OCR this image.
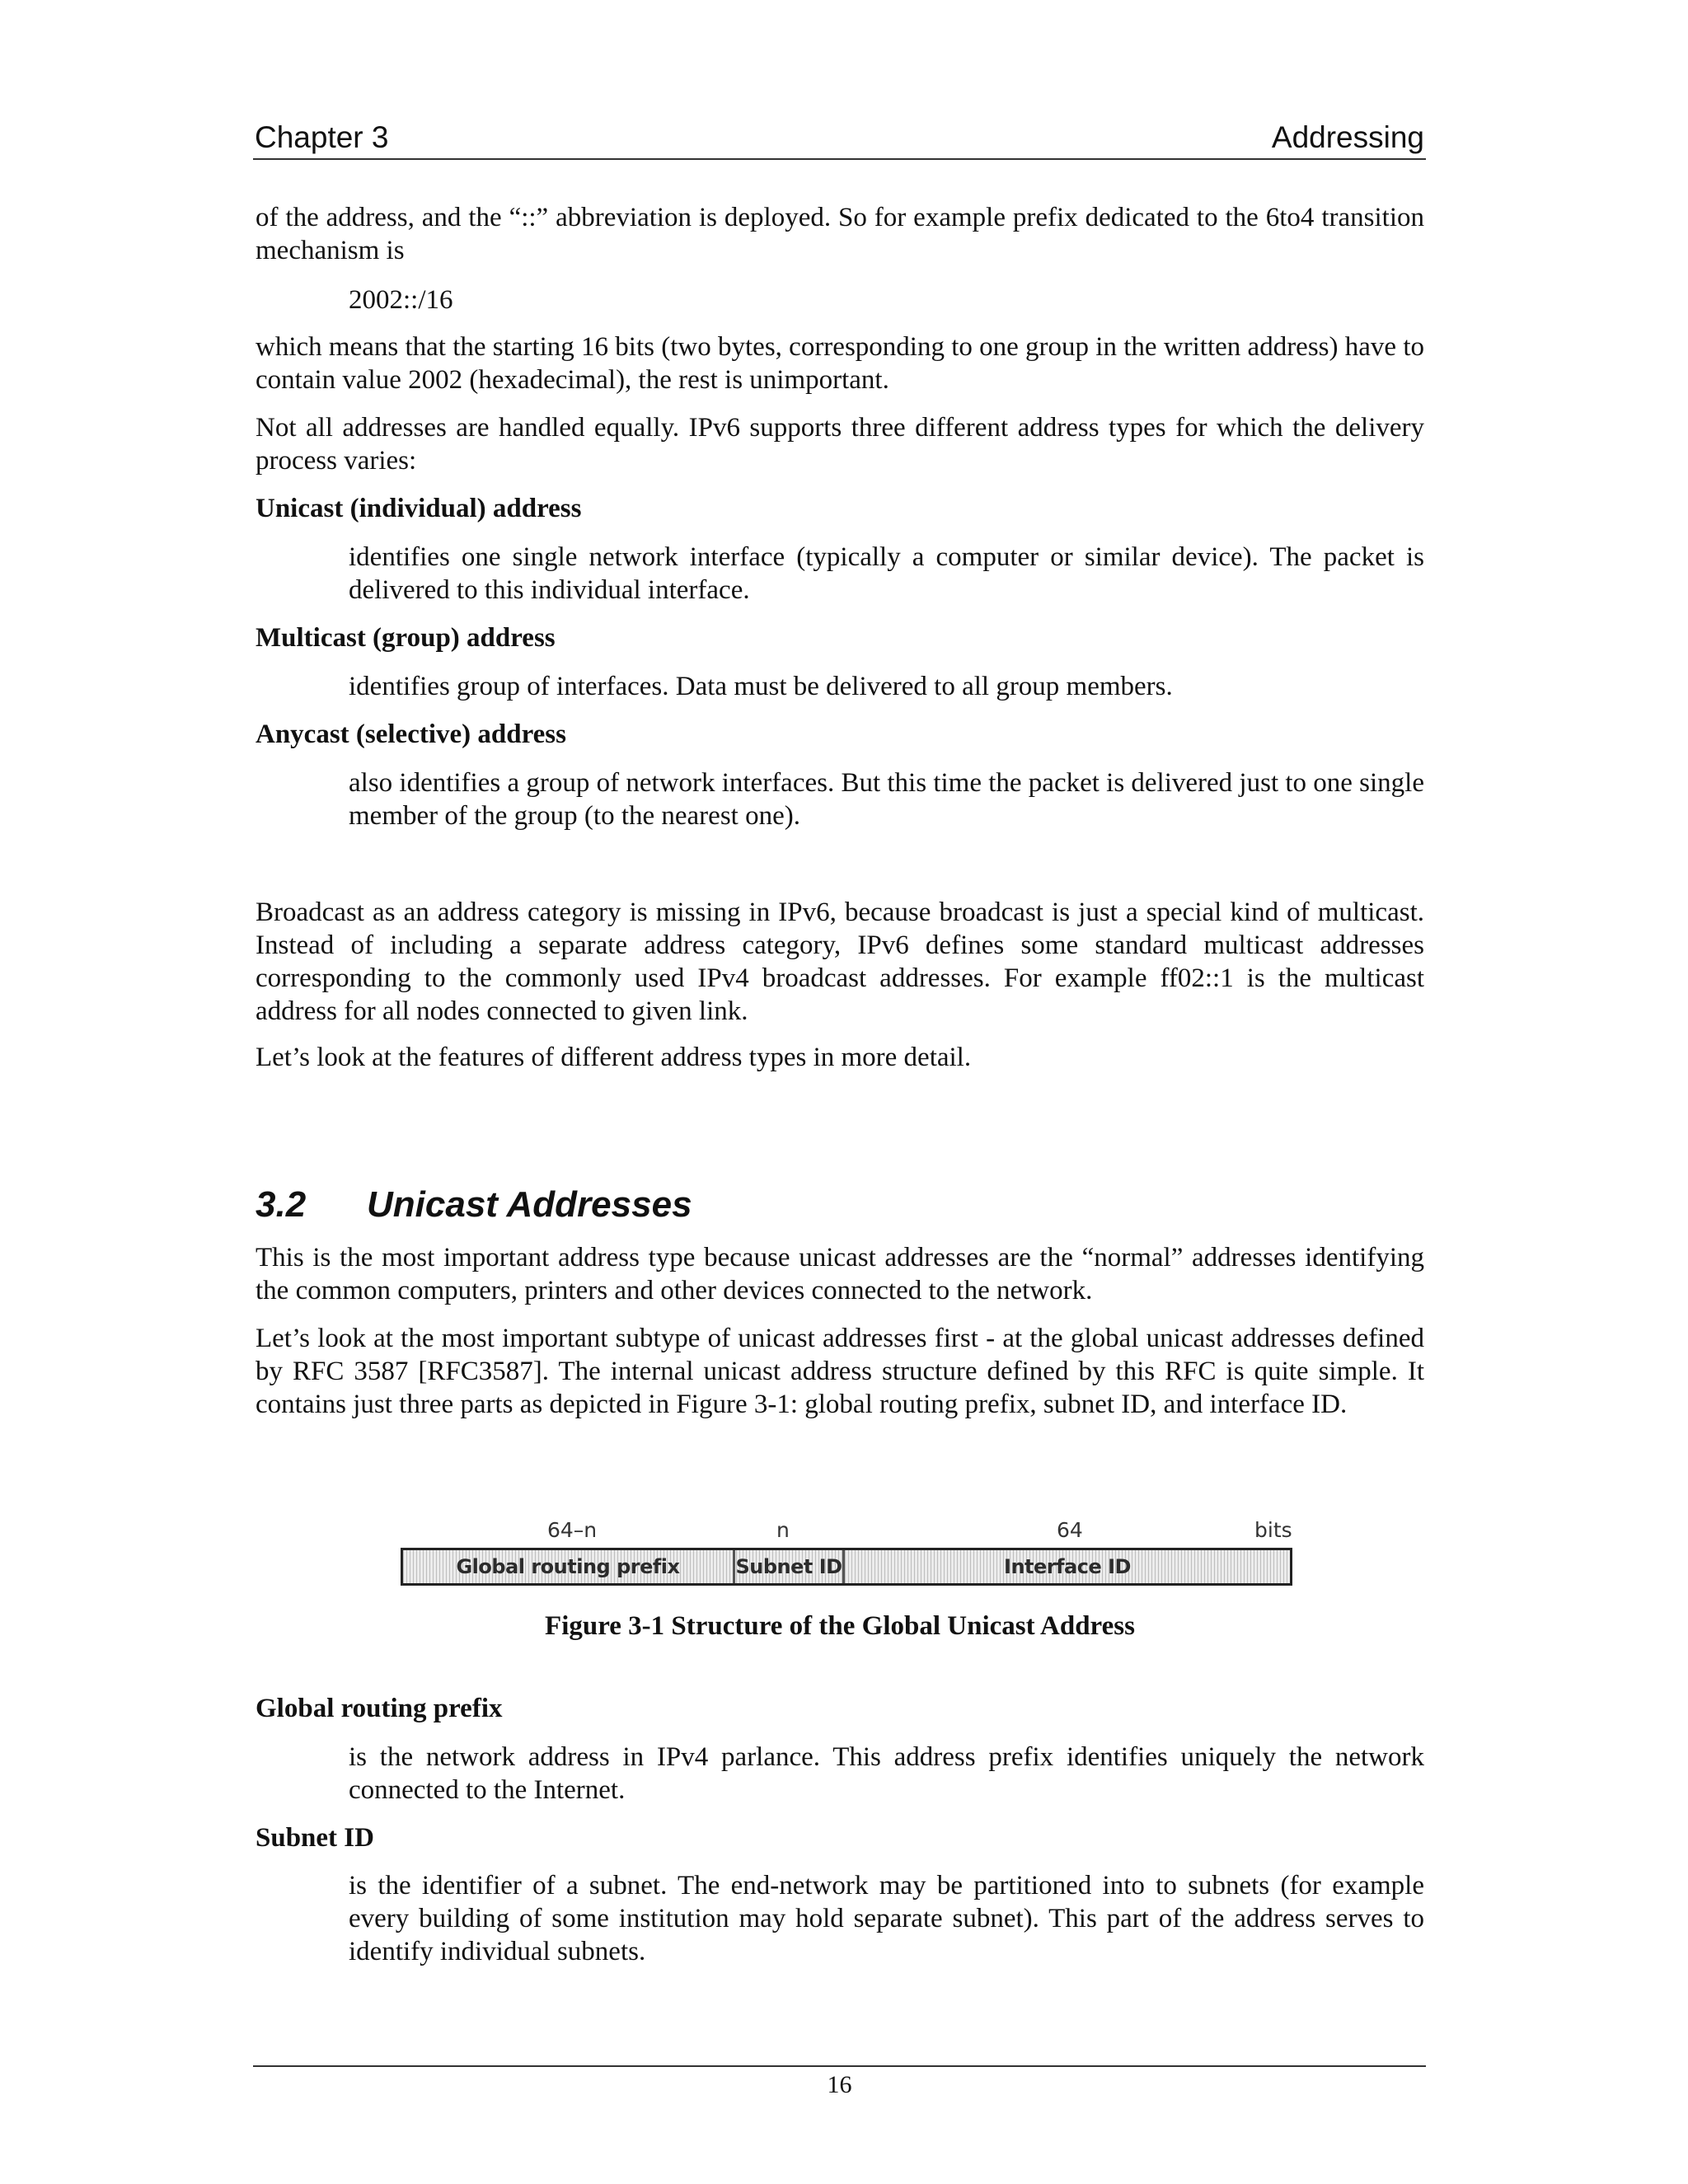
Chapter 3	Addressing

of the address, and the “::” abbreviation is deployed. So for example prefix dedicated to the 6to4 transition mechanism is

2002::/16

which means that the starting 16 bits (two bytes, corresponding to one group in the written address) have to contain value 2002 (hexadecimal), the rest is unimportant.

Not all addresses are handled equally. IPv6 supports three different address types for which the delivery process varies:

Unicast (individual) address

identifies one single network interface (typically a computer or similar device). The packet is delivered to this individual interface.

Multicast (group) address

identifies group of interfaces. Data must be delivered to all group members.

Anycast (selective) address

also identifies a group of network interfaces. But this time the packet is delivered just to one single member of the group (to the nearest one).

Broadcast as an address category is missing in IPv6, because broadcast is just a special kind of multicast. Instead of including a separate address category, IPv6 defines some standard multicast addresses corresponding to the commonly used IPv4 broadcast addresses. For example ff02::1 is the multicast address for all nodes connected to given link.

Let’s look at the features of different address types in more detail.

3.2 Unicast Addresses

This is the most important address type because unicast addresses are the “normal” addresses identifying the common computers, printers and other devices connected to the network.

Let’s look at the most important subtype of unicast addresses first - at the global unicast addresses defined by RFC 3587 [RFC3587]. The internal unicast address structure defined by this RFC is quite simple. It contains just three parts as depicted in Figure 3-1: global routing prefix, subnet ID, and interface ID.

64–n	n	64	bits
Global routing prefix	Subnet ID	Interface ID

Figure 3-1 Structure of the Global Unicast Address

Global routing prefix

is the network address in IPv4 parlance. This address prefix identifies uniquely the network connected to the Internet.

Subnet ID

is the identifier of a subnet. The end-network may be partitioned into to subnets (for example every building of some institution may hold separate subnet). This part of the address serves to identify individual subnets.

16
